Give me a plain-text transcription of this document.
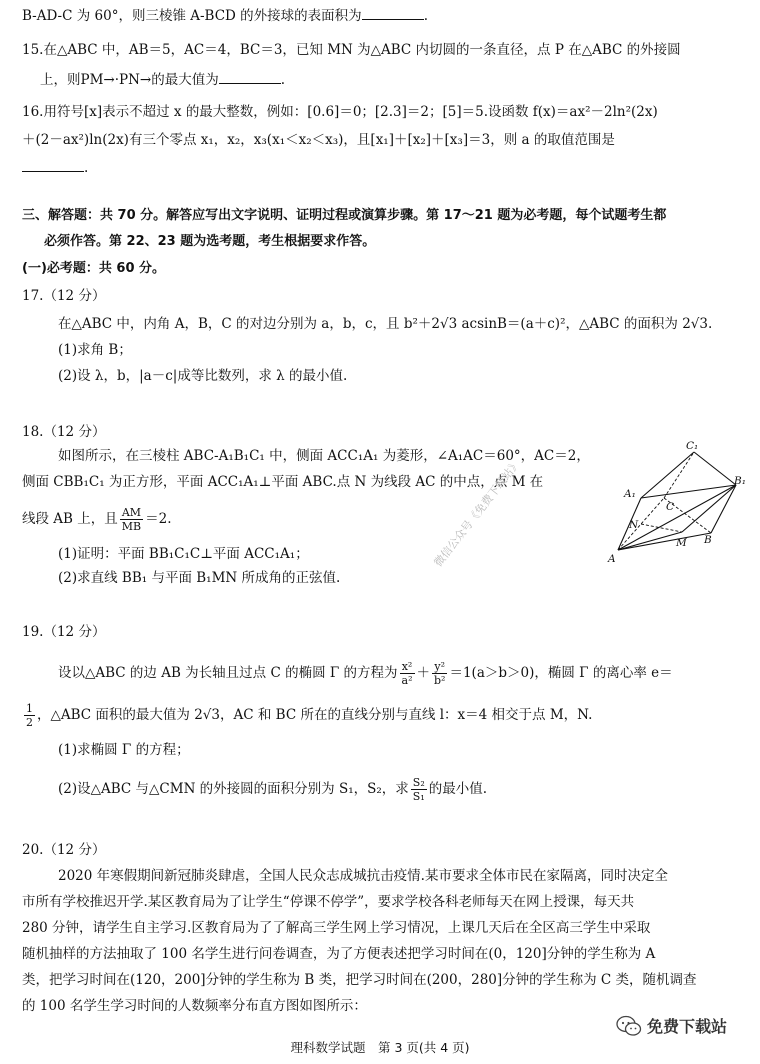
B-AD-C 为 60°，则三棱锥 A-BCD 的外接球的表面积为	.
15.在△ABC 中，AB＝5，AC＝4，BC＝3，已知 MN 为△ABC 内切圆的一条直径，点 P 在△ABC 的外接圆
上，则PM→·PN→的最大值为	.
16.用符号[x]表示不超过 x 的最大整数，例如：[0.6]＝0；[2.3]＝2；[5]＝5.设函数 f(x)＝ax²－2ln²(2x)
＋(2－ax²)ln(2x)有三个零点 x₁，x₂，x₃(x₁＜x₂＜x₃)，且[x₁]＋[x₂]＋[x₃]＝3，则 a 的取值范围是
.
三、解答题：共 70 分。解答应写出文字说明、证明过程或演算步骤。第 17～21 题为必考题，每个试题考生都
必须作答。第 22、23 题为选考题，考生根据要求作答。
(一)必考题：共 60 分。
17.（12 分）
在△ABC 中，内角 A，B，C 的对边分别为 a，b，c，且 b²＋2√3 acsinB＝(a＋c)²，△ABC 的面积为 2√3.
(1)求角 B；
(2)设 λ，b，|a－c|成等比数列，求 λ 的最小值.
18.（12 分）
如图所示，在三棱柱 ABC-A₁B₁C₁ 中，侧面 ACC₁A₁ 为菱形，∠A₁AC＝60°，AC＝2，
侧面 CBB₁C₁ 为正方形，平面 ACC₁A₁⊥平面 ABC.点 N 为线段 AC 的中点，点 M 在
线段 AB 上，且 $\frac{AM}{MB} =2$.
(1)证明：平面 BB₁C₁C⊥平面 ACC₁A₁；
(2)求直线 BB₁ 与平面 B₁MN 所成角的正弦值.
A
B
C
M
N
A₁
B₁
C₁
微信公众号《免费下载站》
19.（12 分）
设以△ABC 的边 AB 为长轴且过点 C 的椭圆 Γ 的方程为 $\frac{\text{x²}}{\text{a²}} + \frac{\text{y²}}{\text{b²}} =1(a>b>0)$，椭圆 Γ 的离心率 e＝
$\frac{1}{2}$ ，△ABC 面积的最大值为 2√3，AC 和 BC 所在的直线分别与直线 l：x＝4 相交于点 M，N.
(1)求椭圆 Γ 的方程；
(2)设△ABC 与△CMN 的外接圆的面积分别为 S₁，S₂，求 $\frac{\text{S₂}}{\text{S₁}}$ 的最小值.
20.（12 分）
2020 年寒假期间新冠肺炎肆虐，全国人民众志成城抗击疫情.某市要求全体市民在家隔离，同时决定全
市所有学校推迟开学.某区教育局为了让学生“停课不停学”，要求学校各科老师每天在网上授课，每天共
280 分钟，请学生自主学习.区教育局为了了解高三学生网上学习情况，上课几天后在全区高三学生中采取
随机抽样的方法抽取了 100 名学生进行问卷调查，为了方便表述把学习时间在(0，120]分钟的学生称为 A
类，把学习时间在(120，200]分钟的学生称为 B 类，把学习时间在(200，280]分钟的学生称为 C 类，随机调查
的 100 名学生学习时间的人数频率分布直方图如图所示：
免费下载站
理科数学试题　第 3 页(共 4 页)
